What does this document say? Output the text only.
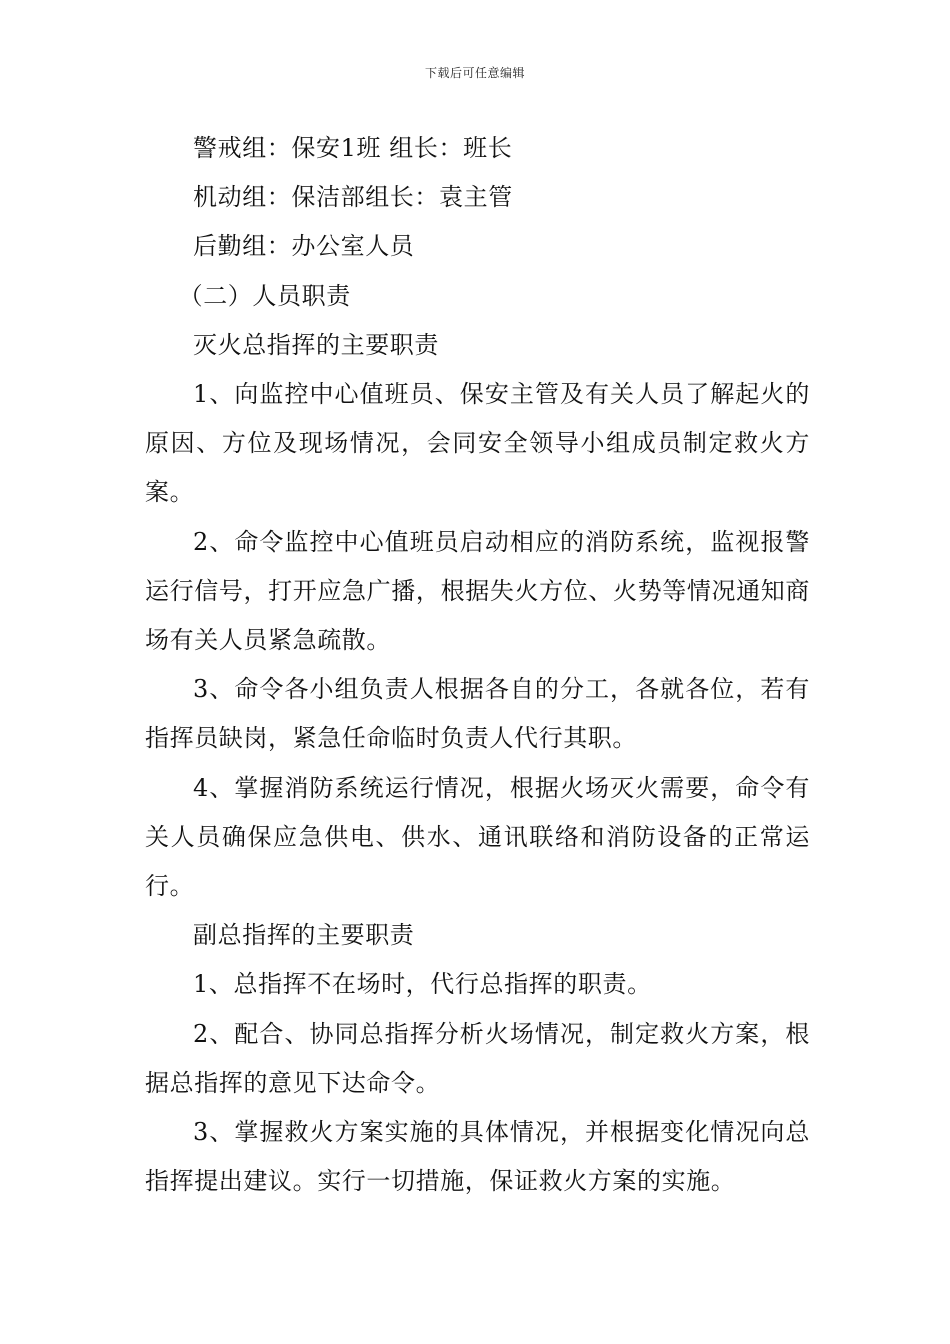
下载后可任意编辑

警戒组：保安1班 组长：班长

机动组：保洁部组长：袁主管

后勤组：办公室人员

（二）人员职责

灭火总指挥的主要职责

1、向监控中心值班员、保安主管及有关人员了解起火的原因、方位及现场情况，会同安全领导小组成员制定救火方案。

2、命令监控中心值班员启动相应的消防系统，监视报警运行信号，打开应急广播，根据失火方位、火势等情况通知商场有关人员紧急疏散。

3、命令各小组负责人根据各自的分工，各就各位，若有指挥员缺岗，紧急任命临时负责人代行其职。

4、掌握消防系统运行情况，根据火场灭火需要，命令有关人员确保应急供电、供水、通讯联络和消防设备的正常运行。

副总指挥的主要职责

1、总指挥不在场时，代行总指挥的职责。

2、配合、协同总指挥分析火场情况，制定救火方案，根据总指挥的意见下达命令。

3、掌握救火方案实施的具体情况，并根据变化情况向总指挥提出建议。实行一切措施，保证救火方案的实施。
